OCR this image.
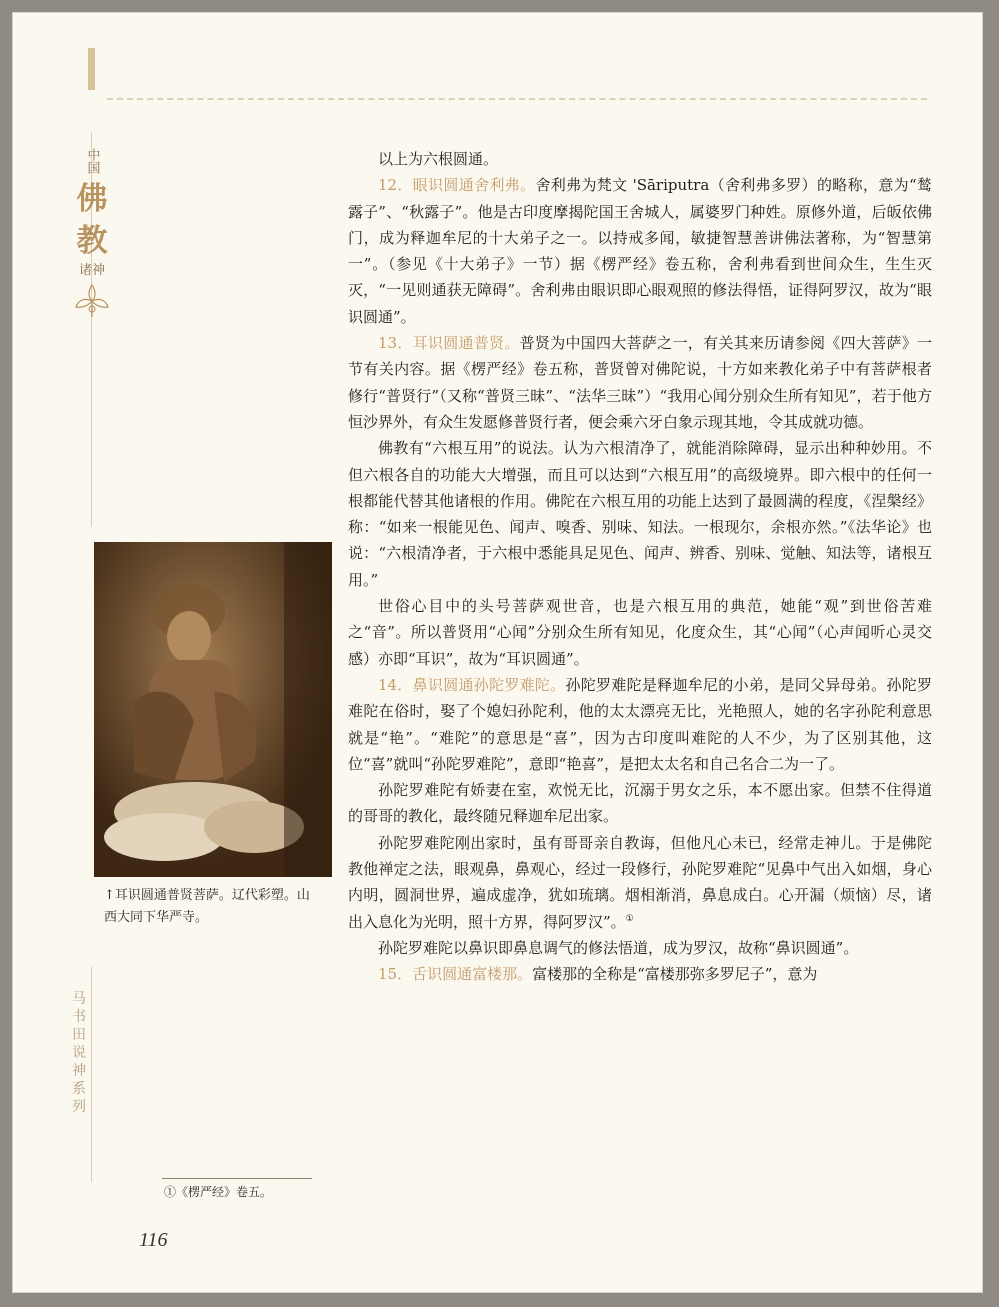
中国
佛
教
诸神
马书田说神系列
↑耳识圆通普贤菩萨。辽代彩塑。山西大同下华严寺。
①《楞严经》卷五。
116

以上为六根圆通。

12．眼识圆通舍利弗。舍利弗为梵文 'Sāriputra（舍利弗多罗）的略称，意为“鹙露子”、“秋露子”。他是古印度摩揭陀国王舍城人，属婆罗门种姓。原修外道，后皈依佛门，成为释迦牟尼的十大弟子之一。以持戒多闻，敏捷智慧善讲佛法著称，为“智慧第一”。（参见《十大弟子》一节）据《楞严经》卷五称，舍利弗看到世间众生，生生灭灭，“一见则通获无障碍”。舍利弗由眼识即心眼观照的修法得悟，证得阿罗汉，故为“眼识圆通”。

13．耳识圆通普贤。普贤为中国四大菩萨之一，有关其来历请参阅《四大菩萨》一节有关内容。据《楞严经》卷五称，普贤曾对佛陀说，十方如来教化弟子中有菩萨根者修行“普贤行”（又称“普贤三昧”、“法华三昧”）“我用心闻分别众生所有知见”，若于他方恒沙界外，有众生发愿修普贤行者，便会乘六牙白象示现其地，令其成就功德。

佛教有“六根互用”的说法。认为六根清净了，就能消除障碍，显示出种种妙用。不但六根各自的功能大大增强，而且可以达到“六根互用”的高级境界。即六根中的任何一根都能代替其他诸根的作用。佛陀在六根互用的功能上达到了最圆满的程度，《涅槃经》称：“如来一根能见色、闻声、嗅香、别味、知法。一根现尔，余根亦然。”《法华论》也说：“六根清净者，于六根中悉能具足见色、闻声、辨香、别味、觉触、知法等，诸根互用。”

世俗心目中的头号菩萨观世音，也是六根互用的典范，她能“观”到世俗苦难之“音”。所以普贤用“心闻”分别众生所有知见，化度众生，其“心闻”（心声闻听心灵交感）亦即“耳识”，故为“耳识圆通”。

14．鼻识圆通孙陀罗难陀。孙陀罗难陀是释迦牟尼的小弟，是同父异母弟。孙陀罗难陀在俗时，娶了个媳妇孙陀利，他的太太漂亮无比，光艳照人，她的名字孙陀利意思就是“艳”。“难陀”的意思是“喜”，因为古印度叫难陀的人不少，为了区别其他，这位“喜”就叫“孙陀罗难陀”，意即“艳喜”，是把太太名和自己名合二为一了。

孙陀罗难陀有娇妻在室，欢悦无比，沉溺于男女之乐，本不愿出家。但禁不住得道的哥哥的教化，最终随兄释迦牟尼出家。

孙陀罗难陀刚出家时，虽有哥哥亲自教诲，但他凡心未已，经常走神儿。于是佛陀教他禅定之法，眼观鼻，鼻观心，经过一段修行，孙陀罗难陀“见鼻中气出入如烟，身心内明，圆洞世界，遍成虚净，犹如琉璃。烟相渐消，鼻息成白。心开漏（烦恼）尽，诸出入息化为光明，照十方界，得阿罗汉”。①

孙陀罗难陀以鼻识即鼻息调气的修法悟道，成为罗汉，故称“鼻识圆通”。

15．舌识圆通富楼那。富楼那的全称是“富楼那弥多罗尼子”，意为
